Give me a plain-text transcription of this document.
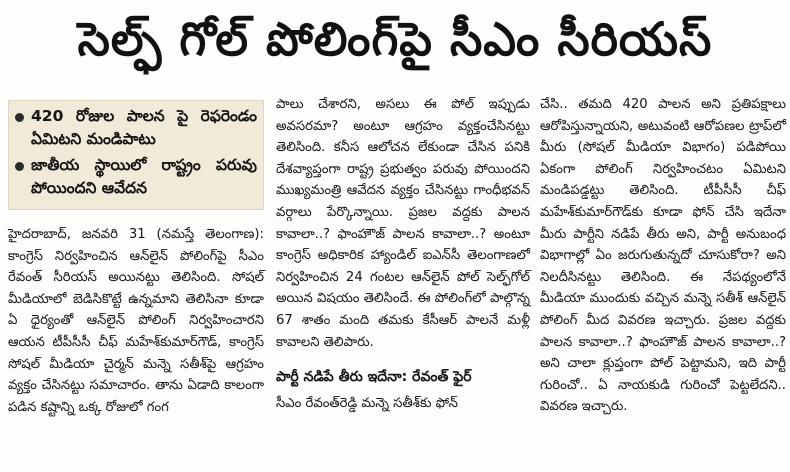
సెల్ఫ్ గోల్ పోలింగ్‌పై సీఎం సీరియస్
420 రోజుల పాలన పై రెఫరెండం ఏమిటని మండిపాటు
జాతీయ స్థాయిలో రాష్ట్రం పరువు పోయిందని ఆవేదన

హైదరాబాద్, జనవరి 31 (నమస్తే తెలంగాణ): కాంగ్రెస్ నిర్వహించిన ఆన్‌లైన్ పోలింగ్‌పై సీఎం రేవంత్ సీరియస్ అయినట్టు తెలిసింది. సోషల్ మీడియాలో బెడిసికొట్టే ఉన్నమాని తెలిసినా కూడా ఏ ధైర్యంతో ఆన్‌లైన్ పోలింగ్ నిర్వహించారని ఆయన టీపీసీసీ చీఫ్ మహేశ్‌కుమార్‌గౌడ్, కాంగ్రెస్ సోషల్ మీడియా చైర్మన్ మన్నె సతీశ్‌పై ఆగ్రహం వ్యక్తం చేసినట్టు సమాచారం. తాను ఏడాది కాలంగా పడిన కష్టాన్ని ఒక్క రోజులో గంగ

పాలు చేశారని, అసలు ఈ పోల్ ఇప్పుడు అవసరమా? అంటూ ఆగ్రహం వ్యక్తంచేసినట్టు తెలిసింది. కనీస ఆలోచన లేకుండా చేసిన పనికి దేశవ్యాప్తంగా రాష్ట్ర ప్రభుత్వం పరువు పోయిందని ముఖ్యమంత్రి ఆవేదన వ్యక్తం చేసినట్టు గాంధీభవన్ వర్గాలు పేర్కొన్నాయి. ప్రజల వద్దకు పాలన కావాలా..? ఫాంహౌజ్ పాలన కావాలా..? అంటూ కాంగ్రెస్ అధికారిక హ్యాండిల్ ఐఎన్‌సీ తెలంగాణలో నిర్వహించిన 24 గంటల ఆన్‌లైన్ పోల్ సెల్ఫ్‌గోల్ అయిన విషయం తెలిసిందే. ఈ పోలింగ్‌లో పాల్గొన్న 67 శాతం మంది తమకు కేసీఆర్ పాలనే మళ్లీ కావాలని తెలిపారు.

పార్టీ నడిపే తీరు ఇదేనా: రేవంత్ ఫైర్

సీఎం రేవంత్‌రెడ్డి మన్నె సతీశ్‌కు ఫోన్

చేసి.. తమది 420 పాలన అని ప్రతిపక్షాలు ఆరోపిస్తున్నాయని, అటువంటి ఆరోపణల ట్రాప్‌లో మీరు (సోషల్ మీడియా విభాగం) పడిపోయి ఏకంగా పోలింగ్ నిర్వహించటం ఏమిటని మండిపడ్డట్టు తెలిసింది. టీపీసీసీ చీఫ్ మహేశ్‌కుమార్‌గౌడ్‌కు కూడా ఫోన్ చేసి ఇదేనా మీరు పార్టీని నడిపే తీరు అని, పార్టీ అనుబంధ విభాగాల్లో ఏం జరుగుతున్నదో చూసుకోరా? అని నిలదీసినట్టు తెలిసింది. ఈ నేపథ్యంలోనే మీడియా ముందుకు వచ్చిన మన్నె సతీశ్ ఆన్‌లైన్ పోలింగ్ మీద వివరణ ఇచ్చారు. ప్రజల వద్దకు పాలన కావాలా..? ఫాంహౌజ్ పాలన కావాలా..? అని చాలా క్లుప్తంగా పోల్ పెట్టామని, ఇది పార్టీ గురించో.. ఏ నాయకుడి గురించో పెట్టలేదని.. వివరణ ఇచ్చారు.
